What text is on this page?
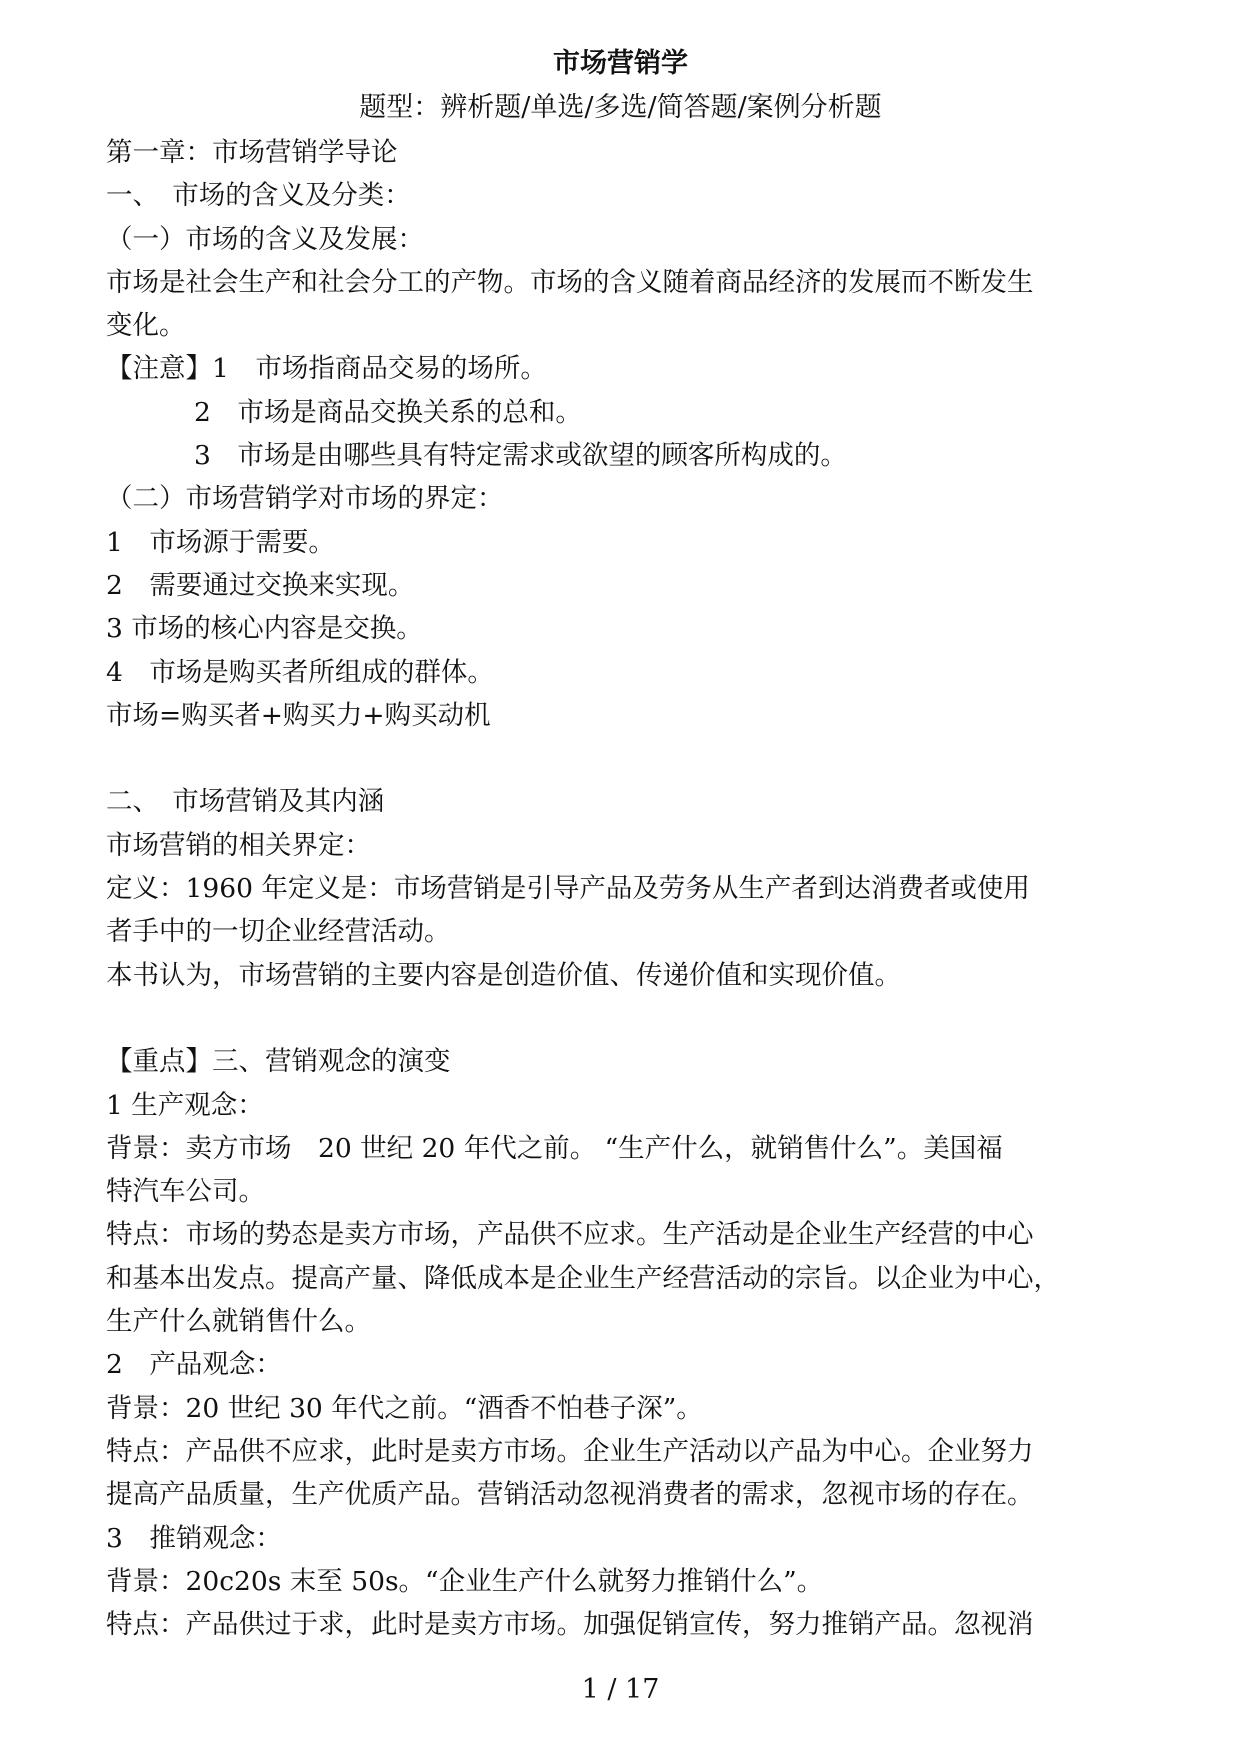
市场营销学
题型：辨析题/单选/多选/简答题/案例分析题
第一章：市场营销学导论
一、　市场的含义及分类：
（一）市场的含义及发展：
市场是社会生产和社会分工的产物。市场的含义随着商品经济的发展而不断发生
变化。
【注意】1　市场指商品交易的场所。
2　市场是商品交换关系的总和。
3　市场是由哪些具有特定需求或欲望的顾客所构成的。
（二）市场营销学对市场的界定：
1　市场源于需要。
2　需要通过交换来实现。
3 市场的核心内容是交换。
4　市场是购买者所组成的群体。
市场=购买者+购买力+购买动机
二、　市场营销及其内涵
市场营销的相关界定：
定义：1960 年定义是：市场营销是引导产品及劳务从生产者到达消费者或使用
者手中的一切企业经营活动。
本书认为，市场营销的主要内容是创造价值、传递价值和实现价值。
【重点】三、营销观念的演变
1 生产观念：
背景：卖方市场　20 世纪 20 年代之前。 “生产什么，就销售什么”。美国福
特汽车公司。
特点：市场的势态是卖方市场，产品供不应求。生产活动是企业生产经营的中心
和基本出发点。提高产量、降低成本是企业生产经营活动的宗旨。以企业为中心，
生产什么就销售什么。
2　产品观念：
背景：20 世纪 30 年代之前。“酒香不怕巷子深”。
特点：产品供不应求，此时是卖方市场。企业生产活动以产品为中心。企业努力
提高产品质量，生产优质产品。营销活动忽视消费者的需求，忽视市场的存在。
3　推销观念：
背景：20c20s 末至 50s。“企业生产什么就努力推销什么”。
特点：产品供过于求，此时是卖方市场。加强促销宣传，努力推销产品。忽视消
1 / 17
